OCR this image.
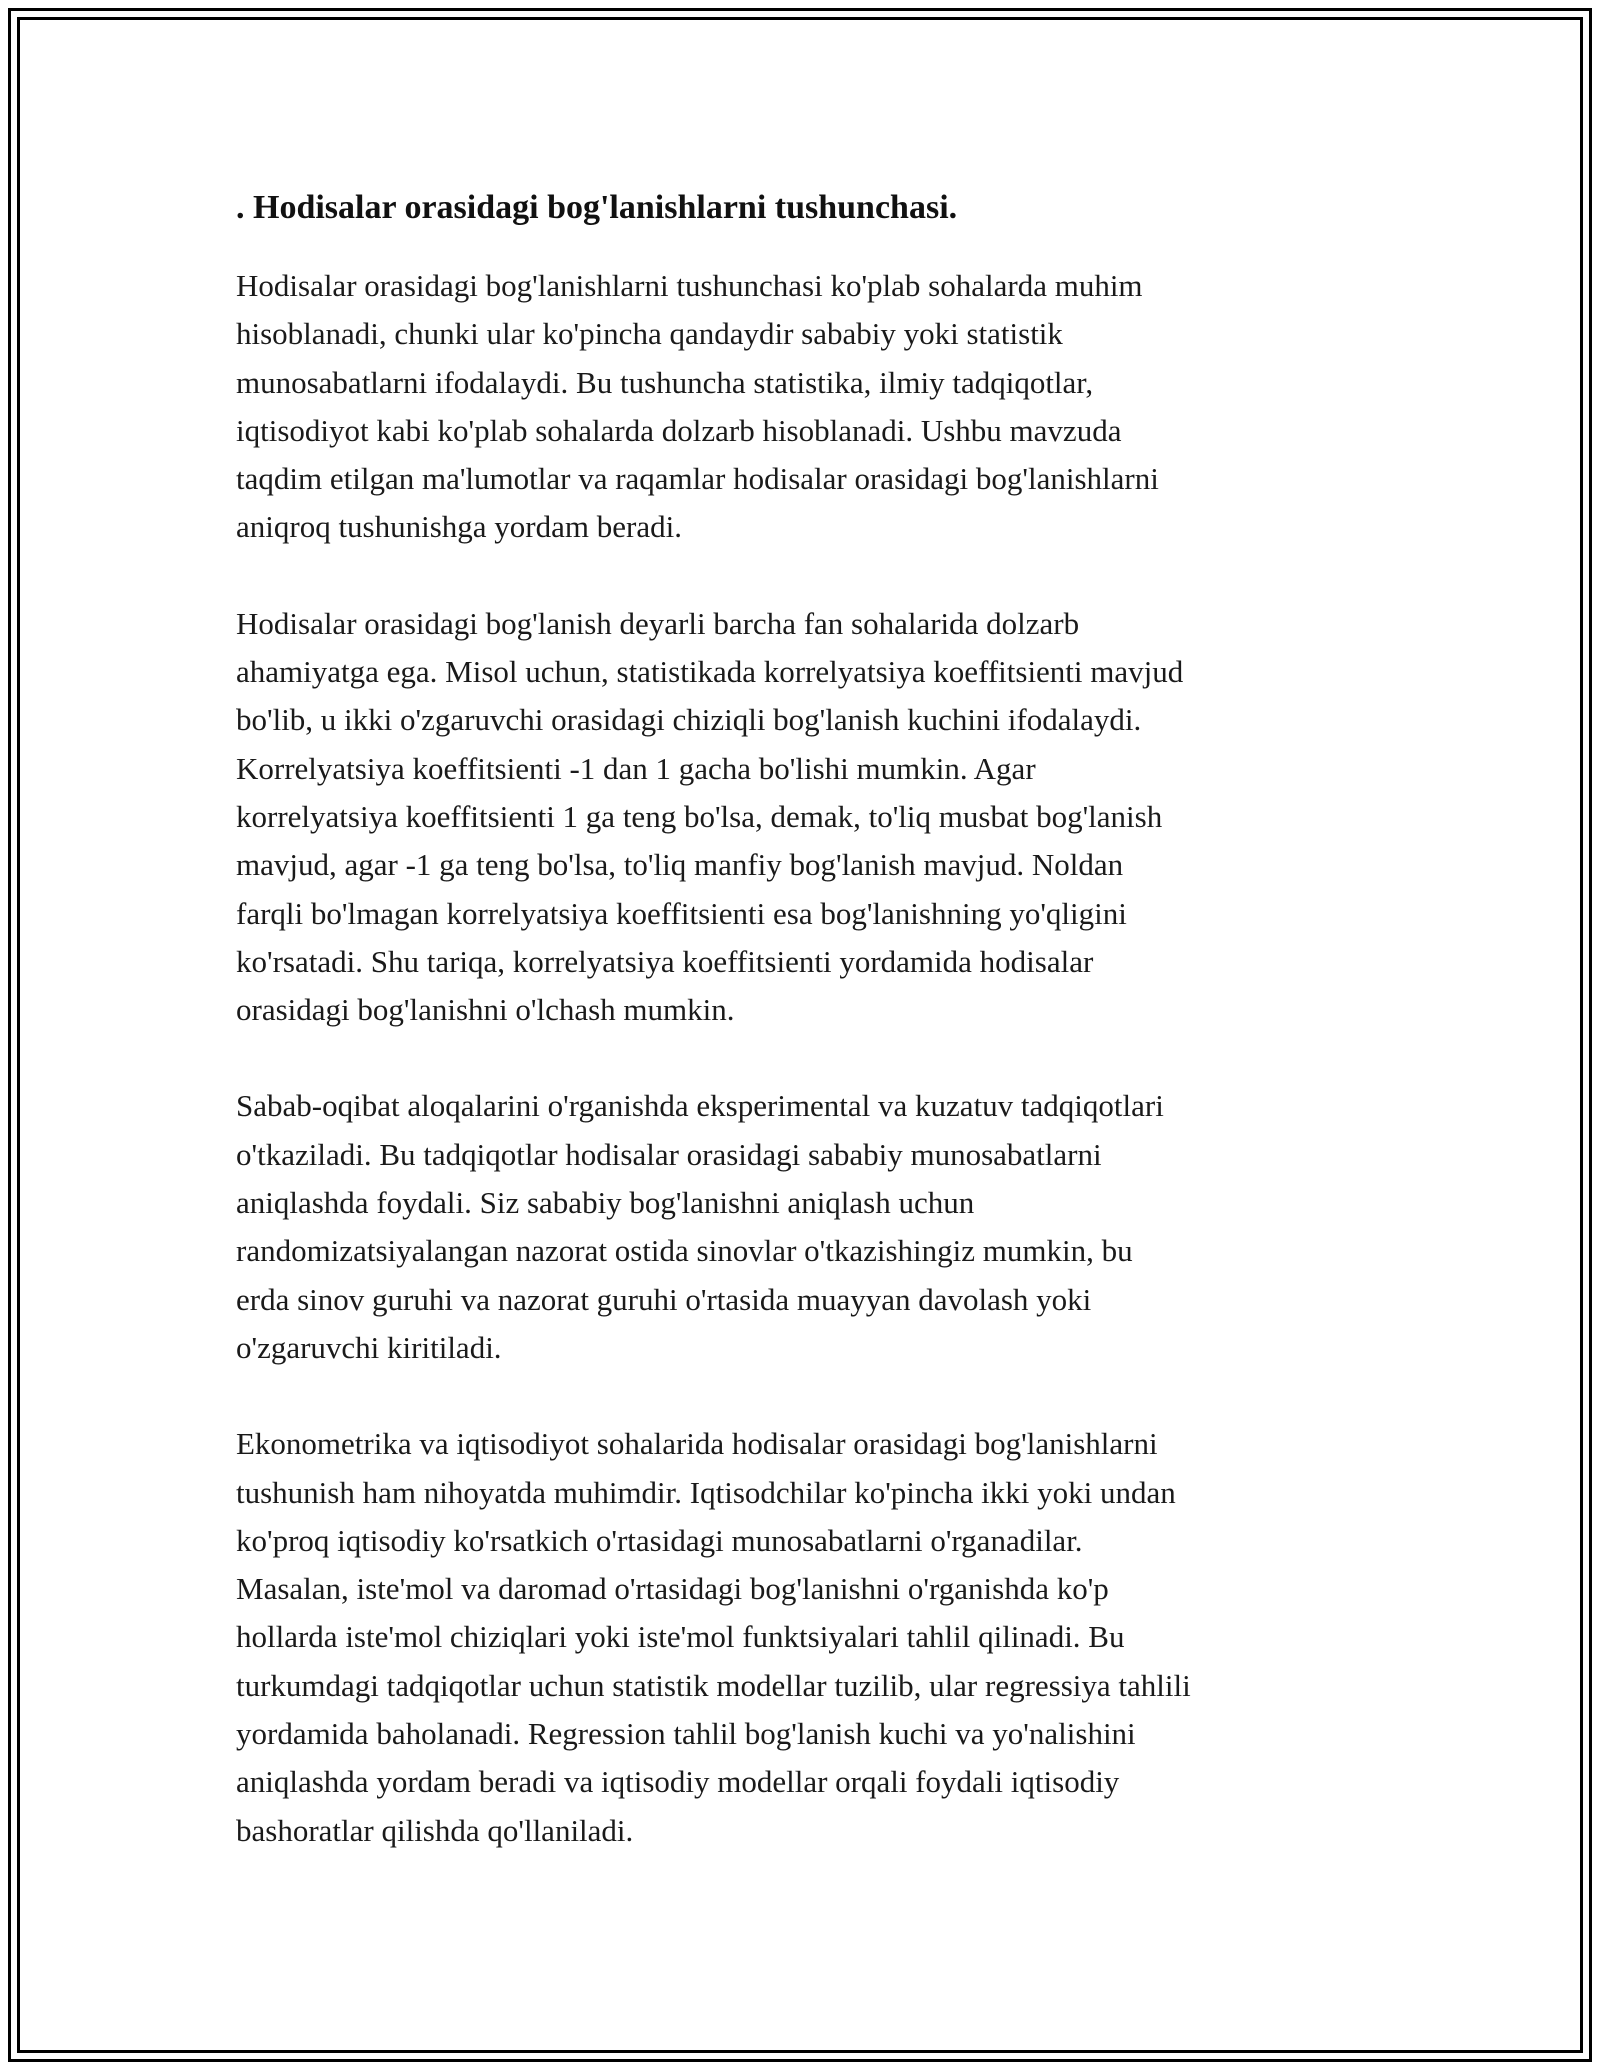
. Hodisalar orasidagi bog'lanishlarni tushunchasi.

Hodisalar orasidagi bog'lanishlarni tushunchasi ko'plab sohalarda muhim
hisoblanadi, chunki ular ko'pincha qandaydir sababiy yoki statistik
munosabatlarni ifodalaydi. Bu tushuncha statistika, ilmiy tadqiqotlar,
iqtisodiyot kabi ko'plab sohalarda dolzarb hisoblanadi. Ushbu mavzuda
taqdim etilgan ma'lumotlar va raqamlar hodisalar orasidagi bog'lanishlarni
aniqroq tushunishga yordam beradi.

Hodisalar orasidagi bog'lanish deyarli barcha fan sohalarida dolzarb
ahamiyatga ega. Misol uchun, statistikada korrelyatsiya koeffitsienti mavjud
bo'lib, u ikki o'zgaruvchi orasidagi chiziqli bog'lanish kuchini ifodalaydi.
Korrelyatsiya koeffitsienti -1 dan 1 gacha bo'lishi mumkin. Agar
korrelyatsiya koeffitsienti 1 ga teng bo'lsa, demak, to'liq musbat bog'lanish
mavjud, agar -1 ga teng bo'lsa, to'liq manfiy bog'lanish mavjud. Noldan
farqli bo'lmagan korrelyatsiya koeffitsienti esa bog'lanishning yo'qligini
ko'rsatadi. Shu tariqa, korrelyatsiya koeffitsienti yordamida hodisalar
orasidagi bog'lanishni o'lchash mumkin.

Sabab-oqibat aloqalarini o'rganishda eksperimental va kuzatuv tadqiqotlari
o'tkaziladi. Bu tadqiqotlar hodisalar orasidagi sababiy munosabatlarni
aniqlashda foydali. Siz sababiy bog'lanishni aniqlash uchun
randomizatsiyalangan nazorat ostida sinovlar o'tkazishingiz mumkin, bu
erda sinov guruhi va nazorat guruhi o'rtasida muayyan davolash yoki
o'zgaruvchi kiritiladi.

Ekonometrika va iqtisodiyot sohalarida hodisalar orasidagi bog'lanishlarni
tushunish ham nihoyatda muhimdir. Iqtisodchilar ko'pincha ikki yoki undan
ko'proq iqtisodiy ko'rsatkich o'rtasidagi munosabatlarni o'rganadilar.
Masalan, iste'mol va daromad o'rtasidagi bog'lanishni o'rganishda ko'p
hollarda iste'mol chiziqlari yoki iste'mol funktsiyalari tahlil qilinadi. Bu
turkumdagi tadqiqotlar uchun statistik modellar tuzilib, ular regressiya tahlili
yordamida baholanadi. Regression tahlil bog'lanish kuchi va yo'nalishini
aniqlashda yordam beradi va iqtisodiy modellar orqali foydali iqtisodiy
bashoratlar qilishda qo'llaniladi.
